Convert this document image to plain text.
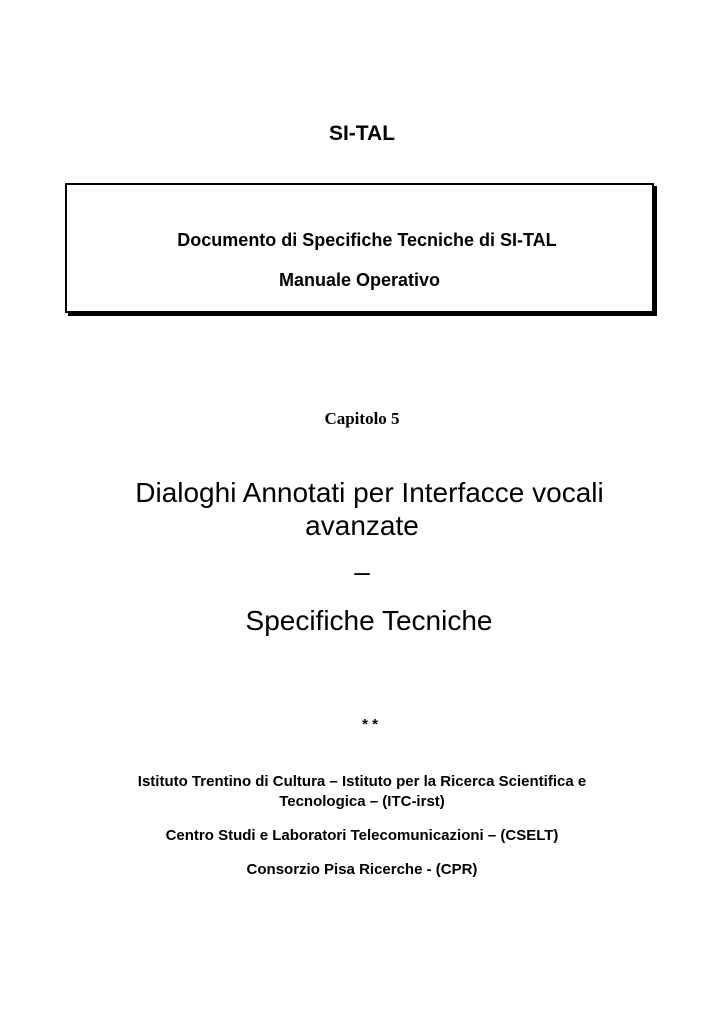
SI-TAL
Documento di Specifiche Tecniche di SI-TAL
Manuale Operativo
Capitolo 5
Dialoghi Annotati per Interfacce vocali
avanzate
–
Specifiche Tecniche
* *
Istituto Trentino di Cultura – Istituto per la Ricerca Scientifica e
Tecnologica – (ITC-irst)
Centro Studi e Laboratori Telecomunicazioni – (CSELT)
Consorzio Pisa Ricerche - (CPR)
